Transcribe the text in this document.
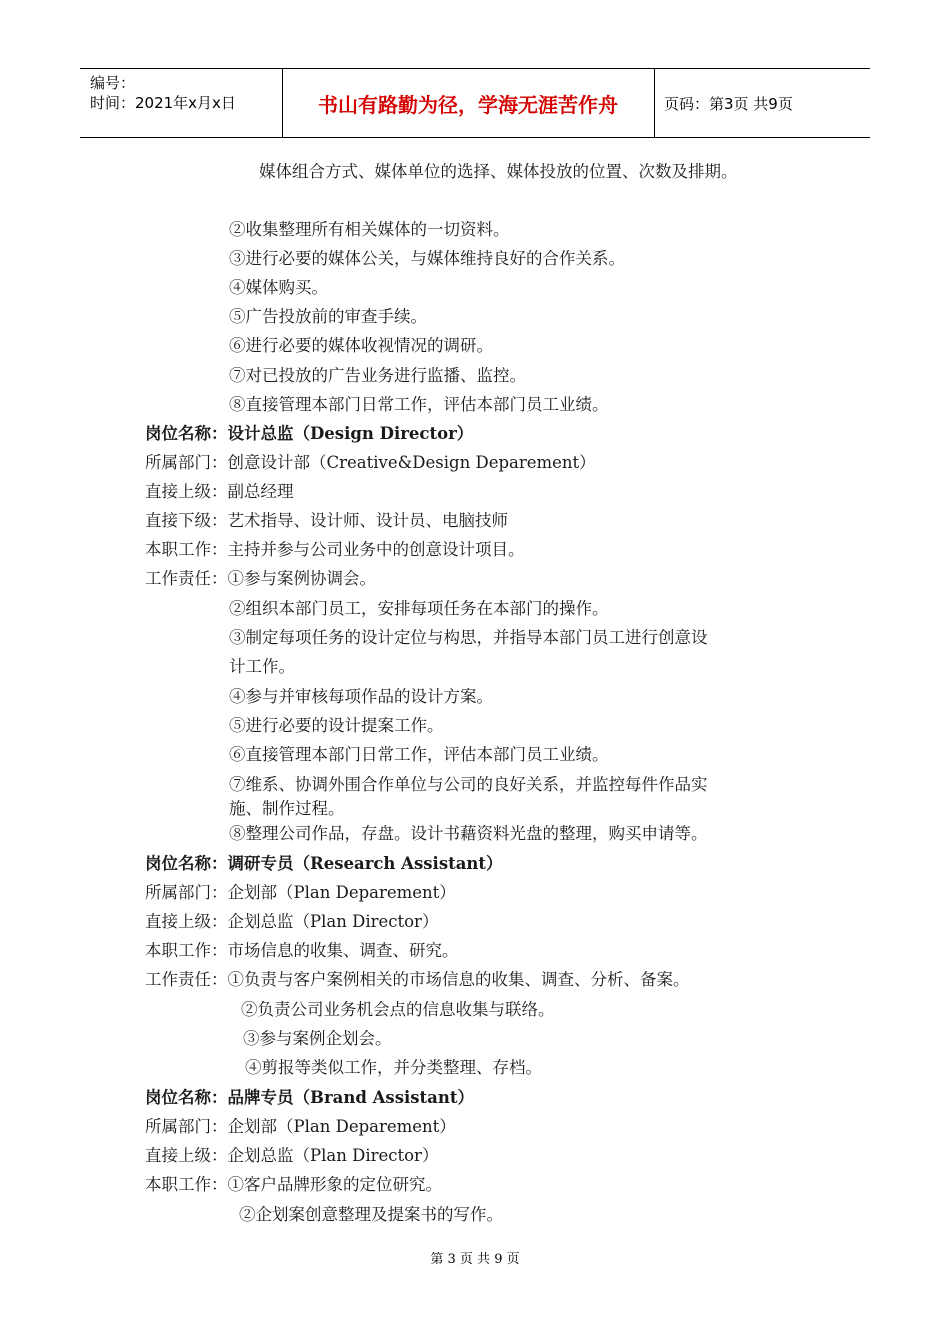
编号：
时间：2021年x月x日	书山有路勤为径，学海无涯苦作舟	页码：第3页 共9页
媒体组合方式、媒体单位的选择、媒体投放的位置、次数及排期。
②收集整理所有相关媒体的一切资料。
③进行必要的媒体公关，与媒体维持良好的合作关系。
④媒体购买。
⑤广告投放前的审查手续。
⑥进行必要的媒体收视情况的调研。
⑦对已投放的广告业务进行监播、监控。
⑧直接管理本部门日常工作，评估本部门员工业绩。
岗位名称：设计总监（Design Director）
所属部门：创意设计部（Creative&Design Deparement）
直接上级：副总经理
直接下级：艺术指导、设计师、设计员、电脑技师
本职工作：主持并参与公司业务中的创意设计项目。
工作责任：①参与案例协调会。
②组织本部门员工，安排每项任务在本部门的操作。
③制定每项任务的设计定位与构思，并指导本部门员工进行创意设
计工作。
④参与并审核每项作品的设计方案。
⑤进行必要的设计提案工作。
⑥直接管理本部门日常工作，评估本部门员工业绩。
⑦维系、协调外围合作单位与公司的良好关系，并监控每件作品实
施、制作过程。
⑧整理公司作品，存盘。设计书藉资料光盘的整理，购买申请等。
岗位名称：调研专员（Research Assistant）
所属部门：企划部（Plan Deparement）
直接上级：企划总监（Plan Director）
本职工作：市场信息的收集、调查、研究。
工作责任：①负责与客户案例相关的市场信息的收集、调查、分析、备案。
②负责公司业务机会点的信息收集与联络。
③参与案例企划会。
④剪报等类似工作，并分类整理、存档。
岗位名称：品牌专员（Brand Assistant）
所属部门：企划部（Plan Deparement）
直接上级：企划总监（Plan Director）
本职工作：①客户品牌形象的定位研究。
②企划案创意整理及提案书的写作。
第 3 页 共 9 页
